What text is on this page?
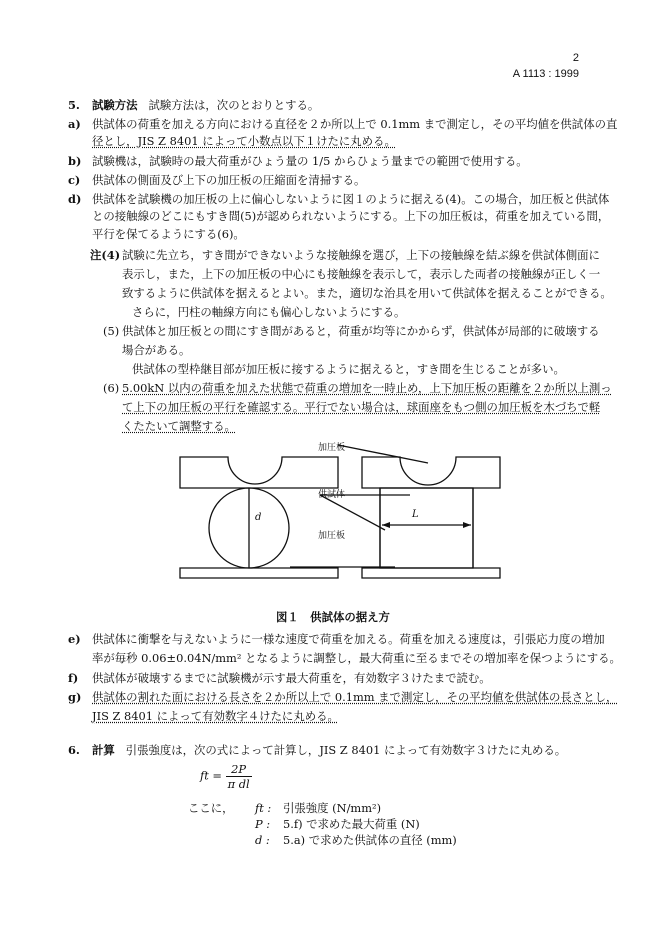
2
A 1113 : 1999
5. 試験方法 試験方法は，次のとおりとする。
a) 供試体の荷重を加える方向における直径を２か所以上で 0.1mm まで測定し，その平均値を供試体の直
径とし，JIS Z 8401 によって小数点以下１けたに丸める。
b) 試験機は，試験時の最大荷重がひょう量の 1/5 からひょう量までの範囲で使用する。
c) 供試体の側面及び上下の加圧板の圧縮面を清掃する。
d) 供試体を試験機の加圧板の上に偏心しないように図１のように据える(4)。この場合，加圧板と供試体
との接触線のどこにもすき間(5)が認められないようにする。上下の加圧板は，荷重を加えている間，
平行を保てるようにする(6)。
注(4) 試験に先立ち，すき間ができないような接触線を選び，上下の接触線を結ぶ線を供試体側面に
表示し，また，上下の加圧板の中心にも接触線を表示して，表示した両者の接触線が正しく一
致するように供試体を据えるとよい。また，適切な治具を用いて供試体を据えることができる。
さらに，円柱の軸線方向にも偏心しないようにする。
(5) 供試体と加圧板との間にすき間があると，荷重が均等にかからず，供試体が局部的に破壊する
場合がある。
供試体の型枠継目部が加圧板に接するように据えると，すき間を生じることが多い。
(6) 5.00kN 以内の荷重を加えた状態で荷重の増加を一時止め，上下加圧板の距離を２か所以上測っ
て上下の加圧板の平行を確認する。平行でない場合は，球面座をもつ側の加圧板を木づちで軽
くたたいて調整する。
加圧板
供試体
加圧板
d	L
図１　供試体の据え方
e) 供試体に衝撃を与えないように一様な速度で荷重を加える。荷重を加える速度は，引張応力度の増加
率が毎秒 0.06±0.04N/mm² となるように調整し，最大荷重に至るまでその増加率を保つようにする。
f) 供試体が破壊するまでに試験機が示す最大荷重を，有効数字３けたまで読む。
g) 供試体の割れた面における長さを２か所以上で 0.1mm まで測定し，その平均値を供試体の長さとし，
JIS Z 8401 によって有効数字４けたに丸める。
6. 計算 引張強度は，次の式によって計算し，JIS Z 8401 によって有効数字３けたに丸める。
ft = $\frac{2P}{\text{π dl}}$
ここに， ft : 引張強度 (N/mm²)
P : 5.f) で求めた最大荷重 (N)
d : 5.a) で求めた供試体の直径 (mm)
